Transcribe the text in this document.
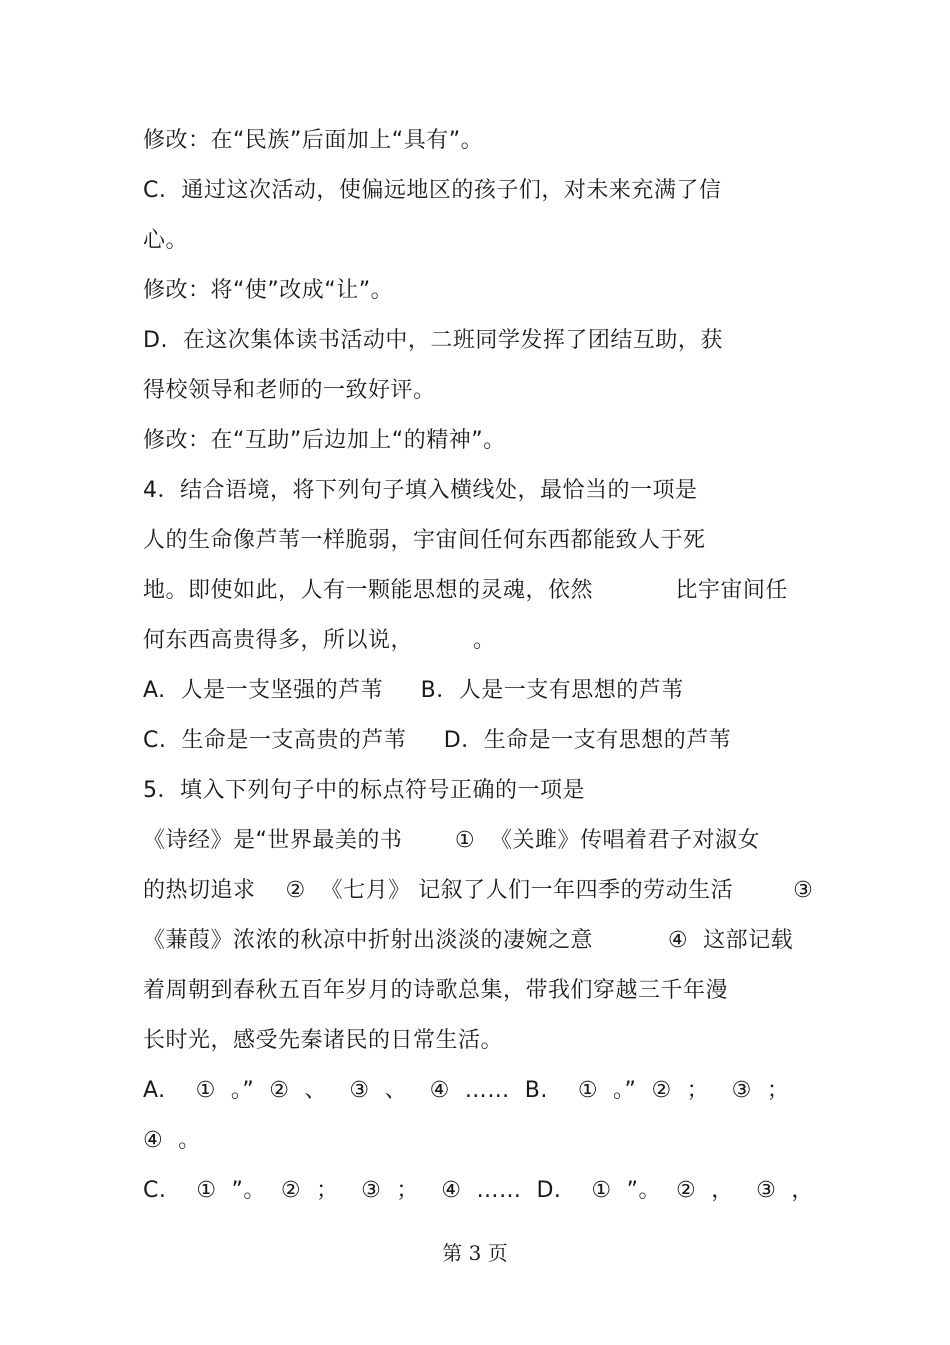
修改：在“民族”后面加上“具有”。
C.  通过这次活动，使偏远地区的孩子们，对未来充满了信
心。
修改：将“使”改成“让”。
D.  在这次集体读书活动中，二班同学发挥了团结互助，获
得校领导和老师的一致好评。
修改：在“互助”后边加上“的精神”。
4．结合语境，将下列句子填入横线处，最恰当的一项是
人的生命像芦苇一样脆弱，宇宙间任何东西都能致人于死
地。即使如此，人有一颗能思想的灵魂，依然           比宇宙间任
何东西高贵得多，所以说，        。
A.  人是一支坚强的芦苇     B．人是一支有思想的芦苇
C.  生命是一支高贵的芦苇     D．生命是一支有思想的芦苇
5．填入下列句子中的标点符号正确的一项是
《诗经》是“世界最美的书       ①  《关雎》传唱着君子对淑女
的热切追求    ②  《七月》 记叙了人们一年四季的劳动生活        ③
《蒹葭》浓浓的秋凉中折射出淡淡的凄婉之意          ④  这部记载
着周朝到春秋五百年岁月的诗歌总集，带我们穿越三千年漫
长时光，感受先秦诸民的日常生活。
A.    ①  。”  ②  、   ③  、   ④  ……  B.    ①  。”  ②  ；   ③  ；
④  。
C.    ①  ”。  ②  ；   ③  ；   ④  ……  D.    ①  ”。  ②  ，   ③  ，
第 3 页
